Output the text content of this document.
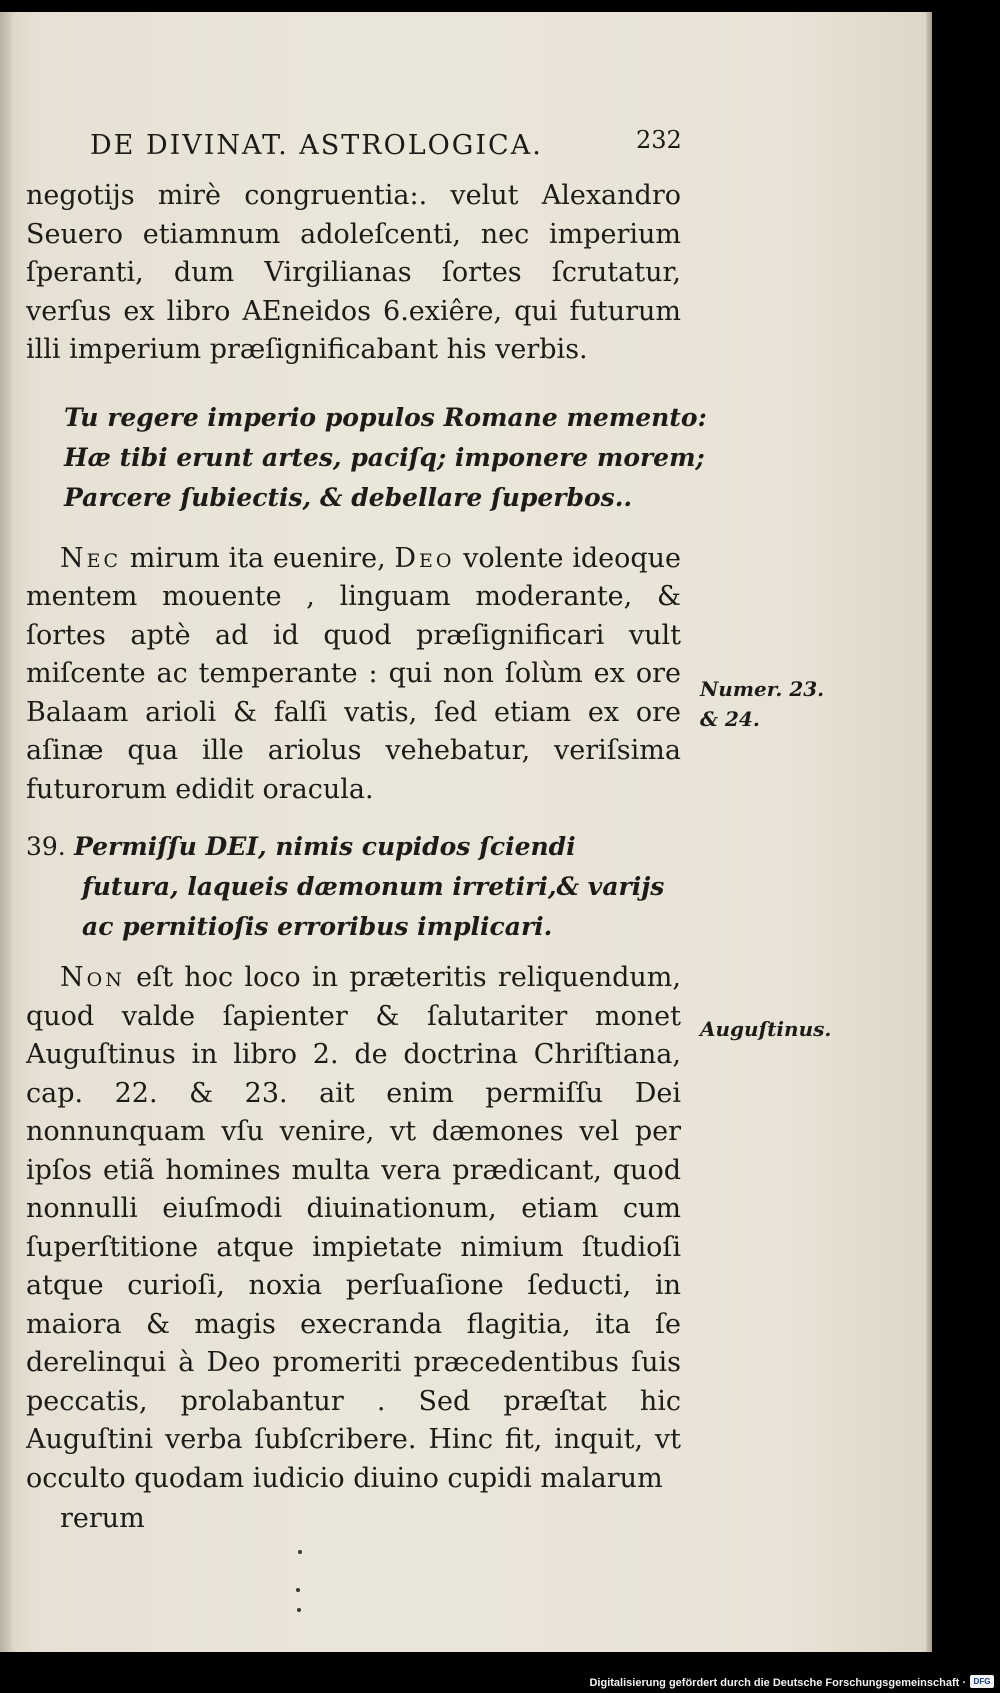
DE DIVINAT. ASTROLOGICA.	232

negotijs mirè congruentia:. velut Alexandro Seuero etiamnum adoleſcenti, nec imperium ſperanti, dum Virgilianas ſortes ſcrutatur, verſus ex libro AEneidos 6.exiêre, qui futurum illi imperium præſignificabant his verbis.

Tu regere imperio populos Romane memento:
Hæ tibi erunt artes, paciſq; imponere morem;
Parcere ſubiectis, & debellare ſuperbos..

Nec mirum ita euenire, Deo volente ideoque mentem mouente , linguam moderante, & ſortes aptè ad id quod præſignificari vult miſcente ac temperante : qui non ſolùm ex ore Balaam arioli & falſi vatis, ſed etiam ex ore aſinæ qua ille ariolus vehebatur, veriſsima futurorum edidit oracula.

39. Permiſſu DEI, nimis cupidos ſciendi futura, laqueis dæmonum irretiri,& varijs ac pernitioſis erroribus implicari.

Non eſt hoc loco in prætеritis reliquendum, quod valde ſapienter & ſalutariter monet Auguſtinus in libro 2. de doctrina Chriſtiana, cap. 22. & 23. ait enim permiſſu Dei nonnunquam vſu venire, vt dæmones vel per ipſos etiã homines multa vera prædicant, quod nonnulli eiuſmodi diuinationum, etiam cum ſuperſtitione atque impietate nimium ſtudioſi atque curioſi, noxia perſuaſione ſeducti, in maiora & magis execranda flagitia, ita ſe derelinqui à Deo promeriti præcedentibus ſuis peccatis, prolabantur . Sed præſtat hic Auguſtini verba ſubſcribere. Hinc fit, inquit, vt occulto quodam iudicio diuino cupidi malarum
rerum

Numer. 23.
& 24.
Auguſtinus.
Digitalisierung gefördert durch die Deutsche Forschungsgemeinschaft · DFG
